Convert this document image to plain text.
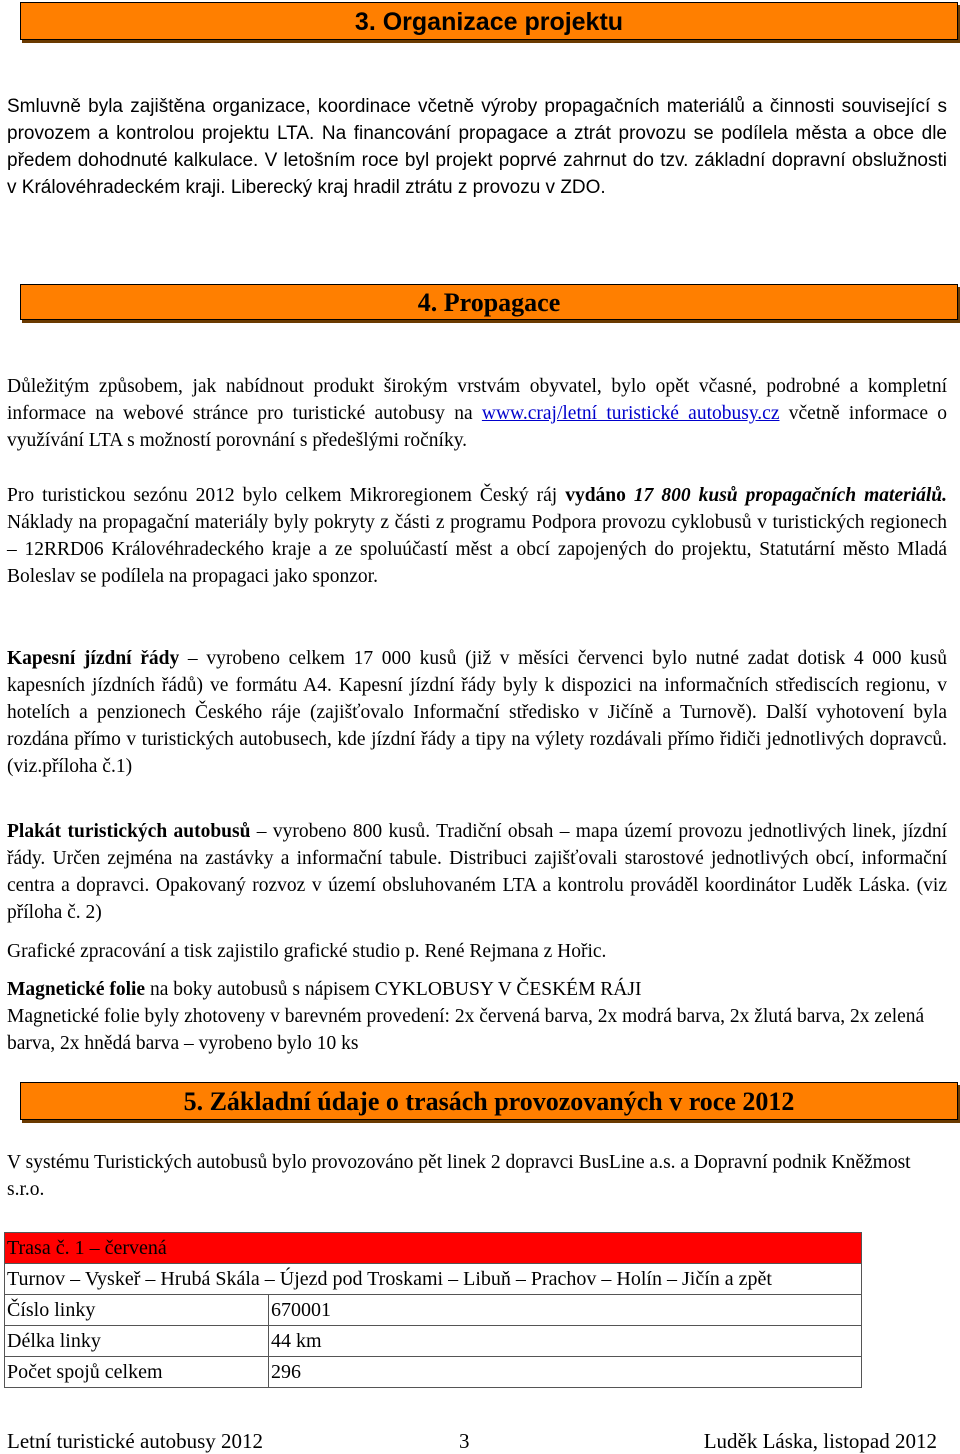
3. Organizace projektu
Smluvně byla zajištěna organizace, koordinace včetně výroby propagačních materiálů a činnosti související s provozem a kontrolou projektu LTA. Na financování propagace a ztrát provozu se podílela města a obce dle předem dohodnuté kalkulace. V letošním roce byl projekt poprvé zahrnut do tzv. základní dopravní obslužnosti v Královéhradeckém kraji. Liberecký kraj hradil ztrátu z provozu v ZDO.
4. Propagace
Důležitým způsobem, jak nabídnout produkt širokým vrstvám obyvatel, bylo opět včasné, podrobné a kompletní informace na webové stránce pro turistické autobusy na www.craj/letní turistické autobusy.cz včetně informace o využívání LTA s možností porovnání s předešlými ročníky.
Pro turistickou sezónu 2012 bylo celkem Mikroregionem Český ráj vydáno 17 800 kusů propagačních materiálů. Náklady na propagační materiály byly pokryty z části z programu Podpora provozu cyklobusů v turistických regionech – 12RRD06 Královéhradeckého kraje a ze spoluúčastí měst a obcí zapojených do projektu, Statutární město Mladá Boleslav se podílela na propagaci jako sponzor.
Kapesní jízdní řády – vyrobeno celkem 17 000 kusů (již v měsíci červenci bylo nutné zadat dotisk 4 000 kusů kapesních jízdních řádů) ve formátu A4. Kapesní jízdní řády byly k dispozici na informačních střediscích regionu, v hotelích a penzionech Českého ráje (zajišťovalo Informační středisko v Jičíně a Turnově). Další vyhotovení byla rozdána přímo v turistických autobusech, kde jízdní řády a tipy na výlety rozdávali přímo řidiči jednotlivých dopravců. (viz.příloha č.1)
Plakát turistických autobusů – vyrobeno 800 kusů. Tradiční obsah – mapa území provozu jednotlivých linek, jízdní řády. Určen zejména na zastávky a informační tabule. Distribuci zajišťovali starostové jednotlivých obcí, informační centra a dopravci. Opakovaný rozvoz v území obsluhovaném LTA a kontrolu prováděl koordinátor Luděk Láska. (viz příloha č. 2)
Grafické zpracování a tisk zajistilo grafické studio p. René Rejmana z Hořic.
Magnetické folie na boky autobusů s nápisem CYKLOBUSY V ČESKÉM RÁJI
Magnetické folie byly zhotoveny v barevném provedení: 2x červená barva, 2x modrá barva, 2x žlutá barva, 2x zelená barva, 2x hnědá barva – vyrobeno bylo 10 ks
5. Základní údaje o trasách provozovaných v roce 2012
V systému Turistických autobusů bylo provozováno pět linek 2 dopravci BusLine a.s. a Dopravní podnik Kněžmost s.r.o.
Trasa č. 1 – červená	
Turnov – Vyskeř – Hrubá Skála – Újezd pod Troskami – Libuň – Prachov – Holín – Jičín a zpět	
Číslo linky	670001
Délka linky	44 km
Počet spojů celkem	296
Letní turistické autobusy 2012	3	Luděk Láska, listopad 2012
